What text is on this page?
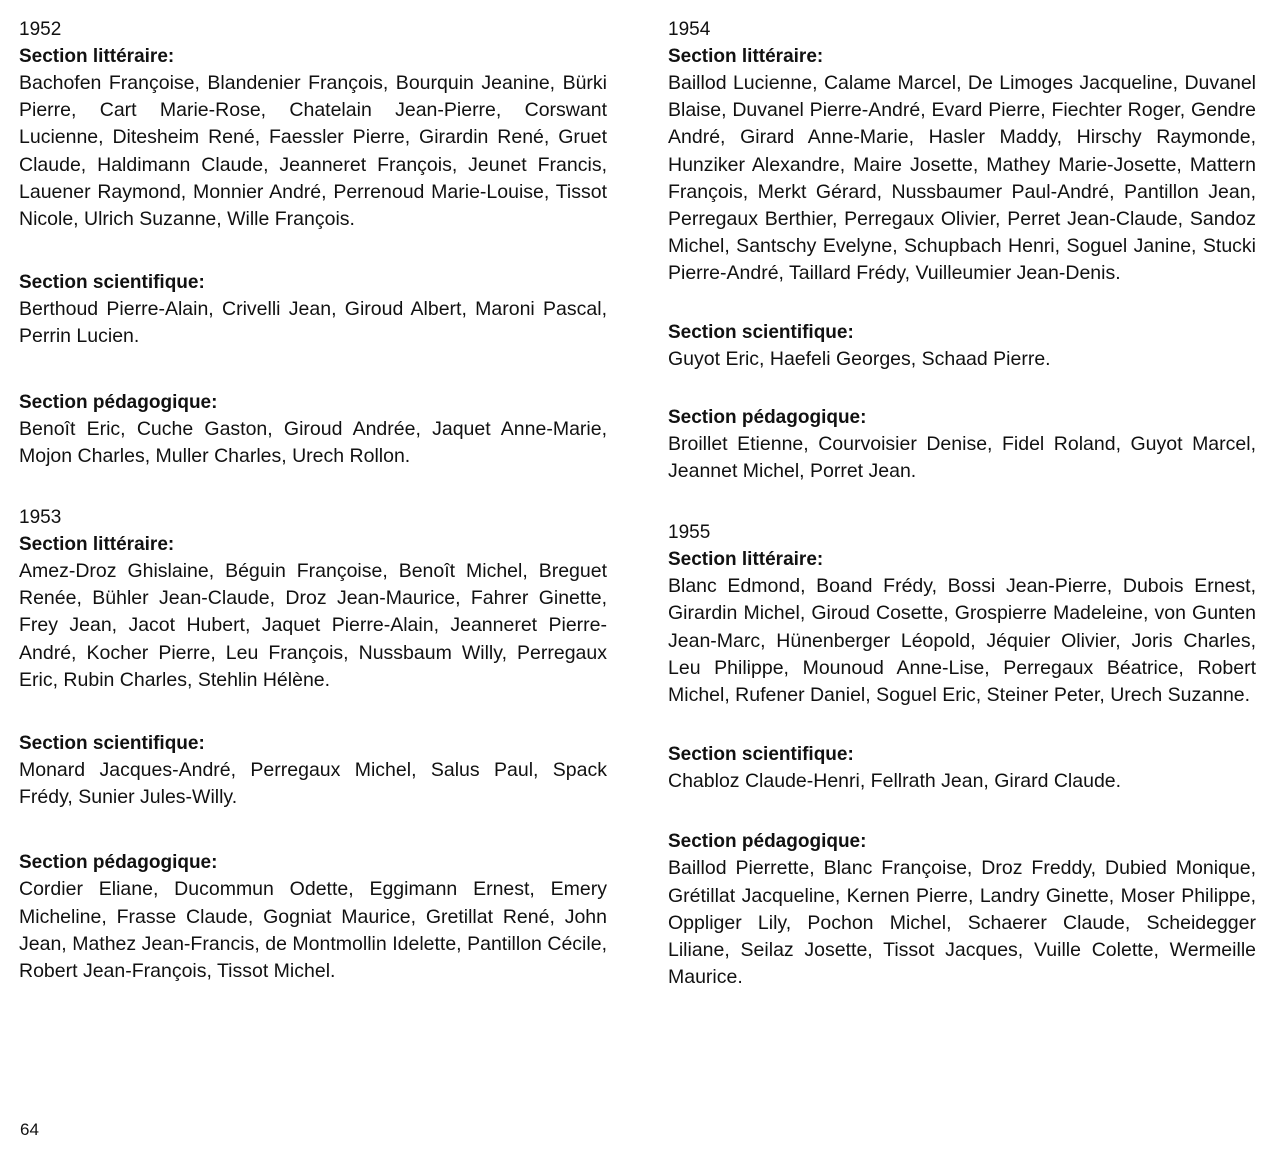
1952
Section littéraire:
Bachofen Françoise, Blandenier François, Bourquin Jeanine, Bürki Pierre, Cart Marie-Rose, Chatelain Jean-Pierre, Corswant Lucienne, Ditesheim René, Faessler Pierre, Girardin René, Gruet Claude, Haldimann Claude, Jeanneret François, Jeunet Francis, Lauener Raymond, Monnier André, Perrenoud Marie-Louise, Tissot Nicole, Ulrich Suzanne, Wille François.
Section scientifique:
Berthoud Pierre-Alain, Crivelli Jean, Giroud Albert, Maroni Pascal, Perrin Lucien.
Section pédagogique:
Benoît Eric, Cuche Gaston, Giroud Andrée, Jaquet Anne-Marie, Mojon Charles, Muller Charles, Urech Rollon.
1953
Section littéraire:
Amez-Droz Ghislaine, Béguin Françoise, Benoît Michel, Breguet Renée, Bühler Jean-Claude, Droz Jean-Maurice, Fahrer Ginette, Frey Jean, Jacot Hubert, Jaquet Pierre-Alain, Jeanneret Pierre-André, Kocher Pierre, Leu François, Nussbaum Willy, Perregaux Eric, Rubin Charles, Stehlin Hélène.
Section scientifique:
Monard Jacques-André, Perregaux Michel, Salus Paul, Spack Frédy, Sunier Jules-Willy.
Section pédagogique:
Cordier Eliane, Ducommun Odette, Eggimann Ernest, Emery Micheline, Frasse Claude, Gogniat Maurice, Gretillat René, John Jean, Mathez Jean-Francis, de Montmollin Idelette, Pantillon Cécile, Robert Jean-François, Tissot Michel.
1954
Section littéraire:
Baillod Lucienne, Calame Marcel, De Limoges Jacqueline, Duvanel Blaise, Duvanel Pierre-André, Evard Pierre, Fiechter Roger, Gendre André, Girard Anne-Marie, Hasler Maddy, Hirschy Raymonde, Hunziker Alexandre, Maire Josette, Mathey Marie-Josette, Mattern François, Merkt Gérard, Nussbaumer Paul-André, Pantillon Jean, Perregaux Berthier, Perregaux Olivier, Perret Jean-Claude, Sandoz Michel, Santschy Evelyne, Schupbach Henri, Soguel Janine, Stucki Pierre-André, Taillard Frédy, Vuilleumier Jean-Denis.
Section scientifique:
Guyot Eric, Haefeli Georges, Schaad Pierre.
Section pédagogique:
Broillet Etienne, Courvoisier Denise, Fidel Roland, Guyot Marcel, Jeannet Michel, Porret Jean.
1955
Section littéraire:
Blanc Edmond, Boand Frédy, Bossi Jean-Pierre, Dubois Ernest, Girardin Michel, Giroud Cosette, Grospierre Madeleine, von Gunten Jean-Marc, Hünenberger Léopold, Jéquier Olivier, Joris Charles, Leu Philippe, Mounoud Anne-Lise, Perregaux Béatrice, Robert Michel, Rufener Daniel, Soguel Eric, Steiner Peter, Urech Suzanne.
Section scientifique:
Chabloz Claude-Henri, Fellrath Jean, Girard Claude.
Section pédagogique:
Baillod Pierrette, Blanc Françoise, Droz Freddy, Dubied Monique, Grétillat Jacqueline, Kernen Pierre, Landry Ginette, Moser Philippe, Oppliger Lily, Pochon Michel, Schaerer Claude, Scheidegger Liliane, Seilaz Josette, Tissot Jacques, Vuille Colette, Wermeille Maurice.
64
